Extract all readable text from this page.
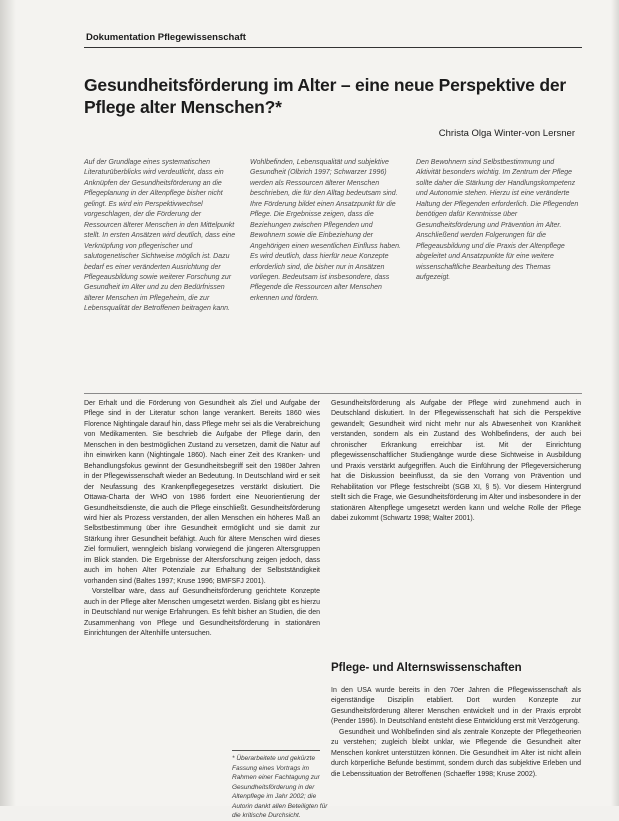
Dokumentation Pflegewissenschaft
Gesundheitsförderung im Alter – eine neue Perspektive der Pflege alter Menschen?*
Christa Olga Winter-von Lersner

Auf der Grundlage eines systematischen Literaturüberblicks wird verdeutlicht, dass ein Anknüpfen der Gesundheitsförderung an die Pflegeplanung in der Altenpflege bisher nicht gelingt. Es wird ein Perspektivwechsel vorgeschlagen, der die Förderung der Ressourcen älterer Menschen in den Mittelpunkt stellt. In ersten Ansätzen wird deutlich, dass eine Verknüpfung von pflegerischer und salutogenetischer Sichtweise möglich ist. Dazu bedarf es einer veränderten Ausrichtung der Pflegeausbildung sowie weiterer Forschung zur Gesundheit im Alter und zu den Bedürfnissen älterer Menschen im Pflegeheim, die zur Lebensqualität der Betroffenen beitragen kann.

Wohlbefinden, Lebensqualität und subjektive Gesundheit (Olbrich 1997; Schwarzer 1996) werden als Ressourcen älterer Menschen beschrieben, die für den Alltag bedeutsam sind. Ihre Förderung bildet einen Ansatzpunkt für die Pflege. Die Ergebnisse zeigen, dass die Beziehungen zwischen Pflegenden und Bewohnern sowie die Einbeziehung der Angehörigen einen wesentlichen Einfluss haben. Es wird deutlich, dass hierfür neue Konzepte erforderlich sind, die bisher nur in Ansätzen vorliegen. Bedeutsam ist insbesondere, dass Pflegende die Ressourcen alter Menschen erkennen und fördern.

Den Bewohnern sind Selbstbestimmung und Aktivität besonders wichtig. Im Zentrum der Pflege sollte daher die Stärkung der Handlungskompetenz und Autonomie stehen. Hierzu ist eine veränderte Haltung der Pflegenden erforderlich. Die Pflegenden benötigen dafür Kenntnisse über Gesundheitsförderung und Prävention im Alter. Anschließend werden Folgerungen für die Pflegeausbildung und die Praxis der Altenpflege abgeleitet und Ansatzpunkte für eine weitere wissenschaftliche Bearbeitung des Themas aufgezeigt.

Der Erhalt und die Förderung von Gesundheit als Ziel und Aufgabe der Pflege sind in der Literatur schon lange verankert. Bereits 1860 wies Florence Nightingale darauf hin, dass Pflege mehr sei als die Verabreichung von Medikamenten. Sie beschrieb die Aufgabe der Pflege darin, den Menschen in den bestmöglichen Zustand zu versetzen, damit die Natur auf ihn einwirken kann (Nightingale 1860). Nach einer Zeit des Kranken- und Behandlungsfokus gewinnt der Gesundheitsbegriff seit den 1980er Jahren in der Pflegewissenschaft wieder an Bedeutung. In Deutschland wird er seit der Neufassung des Krankenpflegegesetzes verstärkt diskutiert. Die Ottawa-Charta der WHO von 1986 fordert eine Neuorientierung der Gesundheitsdienste, die auch die Pflege einschließt. Gesundheitsförderung wird hier als Prozess verstanden, der allen Menschen ein höheres Maß an Selbstbestimmung über ihre Gesundheit ermöglicht und sie damit zur Stärkung ihrer Gesundheit befähigt. Auch für ältere Menschen wird dieses Ziel formuliert, wenngleich bislang vorwiegend die jüngeren Altersgruppen im Blick standen. Die Ergebnisse der Altersforschung zeigen jedoch, dass auch im hohen Alter Potenziale zur Erhaltung der Selbstständigkeit vorhanden sind (Baltes 1997; Kruse 1996; BMFSFJ 2001).

Vorstellbar wäre, dass auf Gesundheitsförderung gerichtete Konzepte auch in der Pflege alter Menschen umgesetzt werden. Bislang gibt es hierzu in Deutschland nur wenige Erfahrungen. Es fehlt bisher an Studien, die den Zusammenhang von Pflege und Gesundheitsförderung in stationären Einrichtungen der Altenhilfe untersuchen.

Gesundheitsförderung als Aufgabe der Pflege wird zunehmend auch in Deutschland diskutiert. In der Pflegewissenschaft hat sich die Perspektive gewandelt; Gesundheit wird nicht mehr nur als Abwesenheit von Krankheit verstanden, sondern als ein Zustand des Wohlbefindens, der auch bei chronischer Erkrankung erreichbar ist. Mit der Einrichtung pflegewissenschaftlicher Studiengänge wurde diese Sichtweise in Ausbildung und Praxis verstärkt aufgegriffen. Auch die Einführung der Pflegeversicherung hat die Diskussion beeinflusst, da sie den Vorrang von Prävention und Rehabilitation vor Pflege festschreibt (SGB XI, § 5). Vor diesem Hintergrund stellt sich die Frage, wie Gesundheitsförderung im Alter und insbesondere in der stationären Altenpflege umgesetzt werden kann und welche Rolle der Pflege dabei zukommt (Schwartz 1998; Walter 2001).

Pflege- und Alternswissenschaften

In den USA wurde bereits in den 70er Jahren die Pflegewissenschaft als eigenständige Disziplin etabliert. Dort wurden Konzepte zur Gesundheitsförderung älterer Menschen entwickelt und in der Praxis erprobt (Pender 1996). In Deutschland entsteht diese Entwicklung erst mit Verzögerung.

Gesundheit und Wohlbefinden sind als zentrale Konzepte der Pflegetheorien zu verstehen; zugleich bleibt unklar, wie Pflegende die Gesundheit alter Menschen konkret unterstützen können. Die Gesundheit im Alter ist nicht allein durch körperliche Befunde bestimmt, sondern durch das subjektive Erleben und die Lebenssituation der Betroffenen (Schaeffer 1998; Kruse 2002).

* Überarbeitete und gekürzte Fassung eines Vortrags im Rahmen einer Fachtagung zur Gesundheitsförderung in der Altenpflege im Jahr 2002; die Autorin dankt allen Beteiligten für die kritische Durchsicht.
